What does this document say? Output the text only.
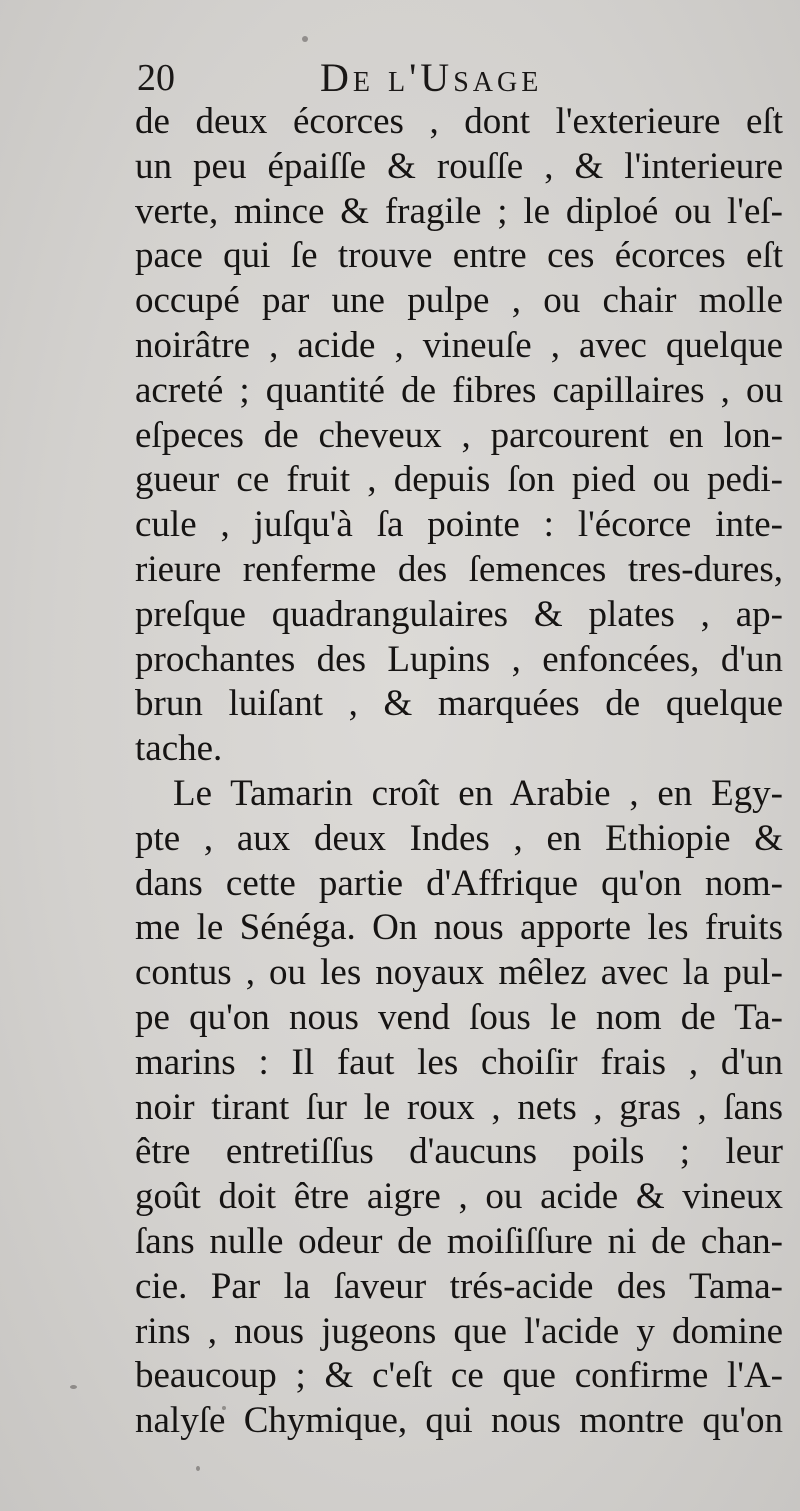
20	De l'Usage
de deux écorces , dont l'exterieure eſt
un peu épaiſſe & rouſſe , & l'interieure
verte, mince & fragile ; le diploé ou l'eſ-
pace qui ſe trouve entre ces écorces eſt
occupé par une pulpe , ou chair molle
noirâtre , acide , vineuſe , avec quelque
acreté ; quantité de fibres capillaires , ou
eſpeces de cheveux , parcourent en lon-
gueur ce fruit , depuis ſon pied ou pedi-
cule , juſqu'à ſa pointe : l'écorce inte-
rieure renferme des ſemences tres-dures,
preſque quadrangulaires & plates , ap-
prochantes des Lupins , enfoncées, d'un
brun luiſant , & marquées de quelque
tache.
Le Tamarin croît en Arabie , en Egy-
pte , aux deux Indes , en Ethiopie &
dans cette partie d'Affrique qu'on nom-
me le Sénéga. On nous apporte les fruits
contus , ou les noyaux mêlez avec la pul-
pe qu'on nous vend ſous le nom de Ta-
marins : Il faut les choiſir frais , d'un
noir tirant ſur le roux , nets , gras , ſans
être entretiſſus d'aucuns poils ; leur
goût doit être aigre , ou acide & vineux
ſans nulle odeur de moiſiſſure ni de chan-
cie. Par la ſaveur trés-acide des Tama-
rins , nous jugeons que l'acide y domine
beaucoup ; & c'eſt ce que confirme l'A-
nalyſe Chymique, qui nous montre qu'on
